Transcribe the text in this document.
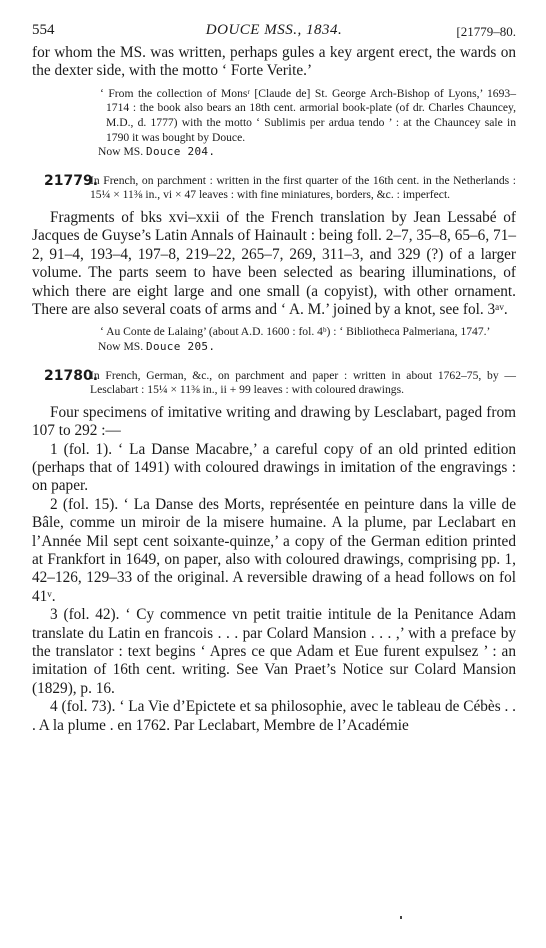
554	DOUCE MSS., 1834.	[21779–80.

for whom the MS. was written, perhaps gules a key argent erect, the wards on the dexter side, with the motto ‘ Forte Verite.’

‘ From the collection of Monsʳ [Claude de] St. George Arch-Bishop of Lyons,’ 1693–1714 : the book also bears an 18th cent. armorial book-plate (of dr. Charles Chauncey, M.D., d. 1777) with the motto ‘ Sublimis per ardua tendo ’ : at the Chauncey sale in 1790 it was bought by Douce.

Now MS. Douce 204.

21779.
In French, on parchment : written in the first quarter of the 16th cent. in the Netherlands : 15¼ × 11⅜ in., vi × 47 leaves : with fine miniatures, borders, &c. : imperfect.

Fragments of bks xvi–xxii of the French translation by Jean Lessabé of Jacques de Guyse’s Latin Annals of Hainault : being foll. 2–7, 35–8, 65–6, 71–2, 91–4, 193–4, 197–8, 219–22, 265–7, 269, 311–3, and 329 (?) of a larger volume. The parts seem to have been selected as bearing illuminations, of which there are eight large and one small (a copyist), with other ornament. There are also several coats of arms and ‘ A. M.’ joined by a knot, see fol. 3ᵃᵛ.

‘ Au Conte de Lalaing’ (about A.D. 1600 : fol. 4ᵇ) : ‘ Bibliotheca Palmeriana, 1747.’

Now MS. Douce 205.

21780.
In French, German, &c., on parchment and paper : written in about 1762–75, by — Lesclabart : 15¼ × 11⅜ in., ii + 99 leaves : with coloured drawings.

Four specimens of imitative writing and drawing by Lesclabart, paged from 107 to 292 :—

1 (fol. 1). ‘ La Danse Macabre,’ a careful copy of an old printed edition (perhaps that of 1491) with coloured drawings in imitation of the engravings : on paper.

2 (fol. 15). ‘ La Danse des Morts, représentée en peinture dans la ville de Bâle, comme un miroir de la misere humaine. A la plume, par Leclabart en l’Année Mil sept cent soixante-quinze,’ a copy of the German edition printed at Frankfort in 1649, on paper, also with coloured drawings, comprising pp. 1, 42–126, 129–33 of the original. A reversible drawing of a head follows on fol 41ᵛ.

3 (fol. 42). ‘ Cy commence vn petit traitie intitule de la Penitance Adam translate du Latin en francois . . . par Colard Mansion . . . ,’ with a preface by the translator : text begins ‘ Apres ce que Adam et Eue furent expulsez ’ : an imitation of 16th cent. writing. See Van Praet’s Notice sur Colard Mansion (1829), p. 16.

4 (fol. 73). ‘ La Vie d’Epictete et sa philosophie, avec le tableau de Cébès . . . A la plume . en 1762. Par Leclabart, Membre de l’Académie
